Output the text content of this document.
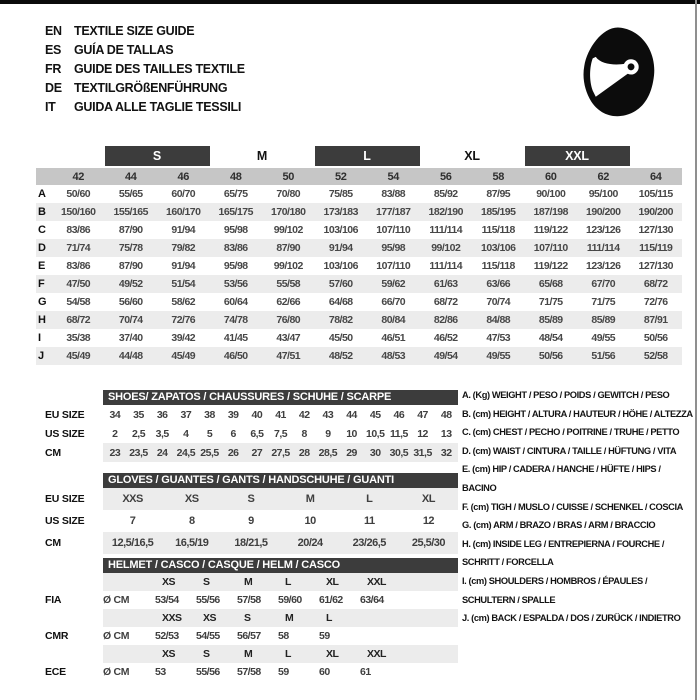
EN TEXTILE SIZE GUIDE
ES	GUÍA DE TALLAS
FR	GUIDE DES TAILLES TEXTILE
DE TEXTILGRÖßENFÜHRUNG
IT	GUIDA ALLE TAGLIE TESSILI
S	M	L	XL	XXL
42	44	46	48	50	52	54	56	58	60	62	64
A	50/60	55/65	60/70	65/75	70/80	75/85	83/88	85/92	87/95	90/100	95/100	105/115
B	150/160	155/165	160/170	165/175	170/180	173/183	177/187	182/190	185/195	187/198	190/200	190/200
C	83/86	87/90	91/94	95/98	99/102	103/106	107/110	111/114	115/118	119/122	123/126	127/130
D	71/74	75/78	79/82	83/86	87/90	91/94	95/98	99/102	103/106	107/110	111/114	115/119
E	83/86	87/90	91/94	95/98	99/102	103/106	107/110	111/114	115/118	119/122	123/126	127/130
F	47/50	49/52	51/54	53/56	55/58	57/60	59/62	61/63	63/66	65/68	67/70	68/72
G	54/58	56/60	58/62	60/64	62/66	64/68	66/70	68/72	70/74	71/75	71/75	72/76
H	68/72	70/74	72/76	74/78	76/80	78/82	80/84	82/86	84/88	85/89	85/89	87/91
I	35/38	37/40	39/42	41/45	43/47	45/50	46/51	46/52	47/53	48/54	49/55	50/56
J	45/49	44/48	45/49	46/50	47/51	48/52	48/53	49/54	49/55	50/56	51/56	52/58
SHOES/ ZAPATOS / CHAUSSURES / SCHUHE / SCARPE
EU SIZE	34	35	36	37	38	39	40	41	42	43	44	45	46	47	48
US SIZE	2	2,5	3,5	4	5	6	6,5	7,5	8	9	10 10,5 11,5 12	13
CM	23 23,5 24 24,5 25,5 26	27 27,5 28 28,5 29	30 30,5 31,5 32
GLOVES / GUANTES / GANTS / HANDSCHUHE / GUANTI
EU SIZE	XXS	XS	S	M	L	XL
US SIZE	7	8	9	10	11	12
CM	12,5/16,5	16,5/19	18/21,5	20/24	23/26,5	25,5/30
HELMET / CASCO / CASQUE / HELM / CASCO
XS	S	M	L	XL	XXL
FIA	Ø CM	53/54	55/56	57/58	59/60	61/62	63/64
XXS	XS	S	M	L
CMR	Ø CM	52/53	54/55	56/57	58	59
XS	S	M	L	XL	XXL
ECE	Ø CM	53	55/56	57/58	59	60	61
A. (Kg) WEIGHT / PESO / POIDS / GEWITCH / PESO
B. (cm) HEIGHT / ALTURA / HAUTEUR / HÖHE / ALTEZZA
C. (cm) CHEST / PECHO / POITRINE / TRUHE / PETTO
D. (cm) WAIST / CINTURA / TAILLE / HÜFTUNG / VITA
E. (cm) HIP / CADERA / HANCHE / HÜFTE / HIPS / BACINO
F. (cm) TIGH / MUSLO / CUISSE / SCHENKEL / COSCIA
G. (cm) ARM / BRAZO / BRAS / ARM / BRACCIO
H. (cm) INSIDE LEG / ENTREPIERNA / FOURCHE / SCHRITT / FORCELLA
I. (cm) SHOULDERS / HOMBROS / ÉPAULES / SCHULTERN / SPALLE
J. (cm) BACK / ESPALDA / DOS / ZURÜCK / INDIETRO
